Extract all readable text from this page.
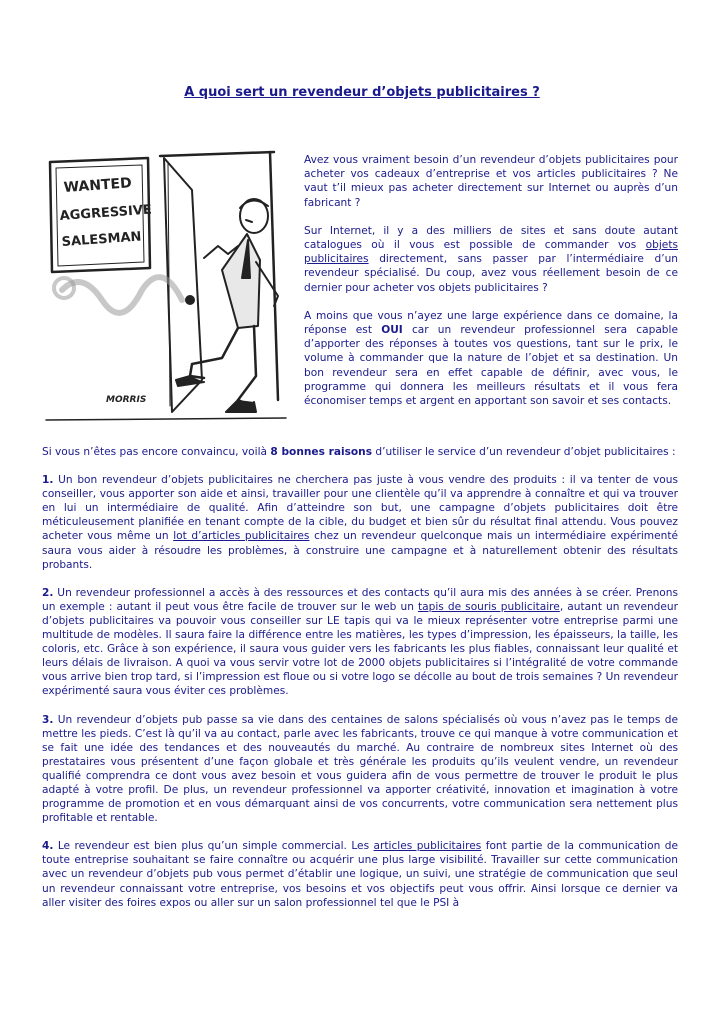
A quoi sert un revendeur d’objets publicitaires ?
WANTED
AGGRESSIVE
SALESMAN
MORRIS

Avez vous vraiment besoin d’un revendeur d’objets publicitaires pour acheter vos cadeaux d’entreprise et vos articles publicitaires ? Ne vaut t’il mieux pas acheter directement sur Internet ou auprès d’un fabricant ?

Sur Internet, il y a des milliers de sites et sans doute autant catalogues où il vous est possible de commander vos objets publicitaires directement, sans passer par l’intermédiaire d’un revendeur spécialisé. Du coup, avez vous réellement besoin de ce dernier pour acheter vos objets publicitaires ?

A moins que vous n’ayez une large expérience dans ce domaine, la réponse est OUI car un revendeur professionnel sera capable d’apporter des réponses à toutes vos questions, tant sur le prix, le volume à commander que la nature de l’objet et sa destination. Un bon revendeur sera en effet capable de définir, avec vous, le programme qui donnera les meilleurs résultats et il vous fera économiser temps et argent en apportant son savoir et ses contacts.

Si vous n’êtes pas encore convaincu, voilà 8 bonnes raisons d’utiliser le service d’un revendeur d’objet publicitaires :

1. Un bon revendeur d’objets publicitaires ne cherchera pas juste à vous vendre des produits : il va tenter de vous conseiller, vous apporter son aide et ainsi, travailler pour une clientèle qu’il va apprendre à connaître et qui va trouver en lui un intermédiaire de qualité. Afin d’atteindre son but, une campagne d’objets publicitaires doit être méticuleusement planifiée en tenant compte de la cible, du budget et bien sûr du résultat final attendu. Vous pouvez acheter vous même un lot d’articles publicitaires chez un revendeur quelconque mais un intermédiaire expérimenté saura vous aider à résoudre les problèmes, à construire une campagne et à naturellement obtenir des résultats probants.

2. Un revendeur professionnel a accès à des ressources et des contacts qu’il aura mis des années à se créer. Prenons un exemple : autant il peut vous être facile de trouver sur le web un tapis de souris publicitaire, autant un revendeur d’objets publicitaires va pouvoir vous conseiller sur LE tapis qui va le mieux représenter votre entreprise parmi une multitude de modèles. Il saura faire la différence entre les matières, les types d’impression, les épaisseurs, la taille, les coloris, etc. Grâce à son expérience, il saura vous guider vers les fabricants les plus fiables, connaissant leur qualité et leurs délais de livraison. A quoi va vous servir votre lot de 2000 objets publicitaires si l’intégralité de votre commande vous arrive bien trop tard, si l’impression est floue ou si votre logo se décolle au bout de trois semaines ? Un revendeur expérimenté saura vous éviter ces problèmes.

3. Un revendeur d’objets pub passe sa vie dans des centaines de salons spécialisés où vous n’avez pas le temps de mettre les pieds. C’est là qu’il va au contact, parle avec les fabricants, trouve ce qui manque à votre communication et se fait une idée des tendances et des nouveautés du marché. Au contraire de nombreux sites Internet où des prestataires vous présentent d’une façon globale et très générale les produits qu’ils veulent vendre, un revendeur qualifié comprendra ce dont vous avez besoin et vous guidera afin de vous permettre de trouver le produit le plus adapté à votre profil. De plus, un revendeur professionnel va apporter créativité, innovation et imagination à votre programme de promotion et en vous démarquant ainsi de vos concurrents, votre communication sera nettement plus profitable et rentable.

4. Le revendeur est bien plus qu’un simple commercial. Les articles publicitaires font partie de la communication de toute entreprise souhaitant se faire connaître ou acquérir une plus large visibilité. Travailler sur cette communication avec un revendeur d’objets pub vous permet d’établir une logique, un suivi, une stratégie de communication que seul un revendeur connaissant votre entreprise, vos besoins et vos objectifs peut vous offrir. Ainsi lorsque ce dernier va aller visiter des foires expos ou aller sur un salon professionnel tel que le PSI à
